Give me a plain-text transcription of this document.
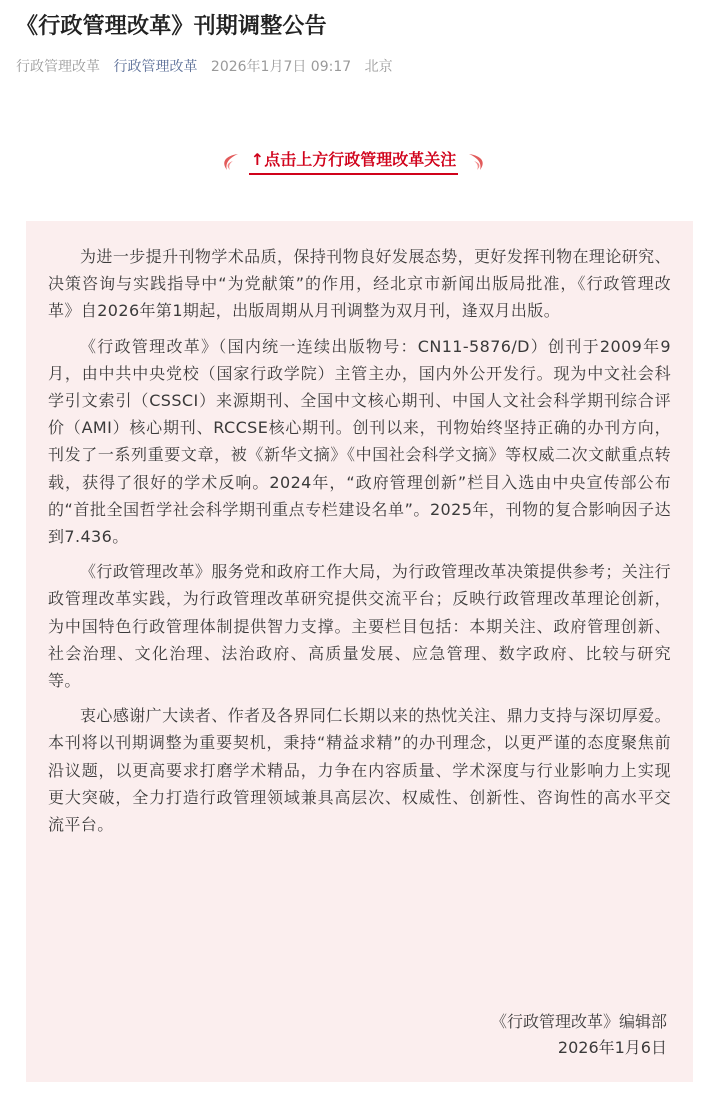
《行政管理改革》刊期调整公告
行政管理改革 行政管理改革 2026年1月7日 09:17 北京
↑点击上方行政管理改革关注

为进一步提升刊物学术品质，保持刊物良好发展态势，更好发挥刊物在理论研究、决策咨询与实践指导中“为党献策”的作用，经北京市新闻出版局批准，《行政管理改革》自2026年第1期起，出版周期从月刊调整为双月刊，逢双月出版。

《行政管理改革》（国内统一连续出版物号：CN11-5876/D）创刊于2009年9月，由中共中央党校（国家行政学院）主管主办，国内外公开发行。现为中文社会科学引文索引（CSSCI）来源期刊、全国中文核心期刊、中国人文社会科学期刊综合评价（AMI）核心期刊、RCCSE核心期刊。创刊以来，刊物始终坚持正确的办刊方向，刊发了一系列重要文章，被《新华文摘》《中国社会科学文摘》等权威二次文献重点转载，获得了很好的学术反响。2024年，“政府管理创新”栏目入选由中央宣传部公布的“首批全国哲学社会科学期刊重点专栏建设名单”。2025年，刊物的复合影响因子达到7.436。

《行政管理改革》服务党和政府工作大局，为行政管理改革决策提供参考；关注行政管理改革实践，为行政管理改革研究提供交流平台；反映行政管理改革理论创新，为中国特色行政管理体制提供智力支撑。主要栏目包括：本期关注、政府管理创新、社会治理、文化治理、法治政府、高质量发展、应急管理、数字政府、比较与研究等。

衷心感谢广大读者、作者及各界同仁长期以来的热忱关注、鼎力支持与深切厚爱。本刊将以刊期调整为重要契机，秉持“精益求精”的办刊理念，以更严谨的态度聚焦前沿议题，以更高要求打磨学术精品，力争在内容质量、学术深度与行业影响力上实现更大突破，全力打造行政管理领域兼具高层次、权威性、创新性、咨询性的高水平交流平台。

《行政管理改革》编辑部
2026年1月6日
